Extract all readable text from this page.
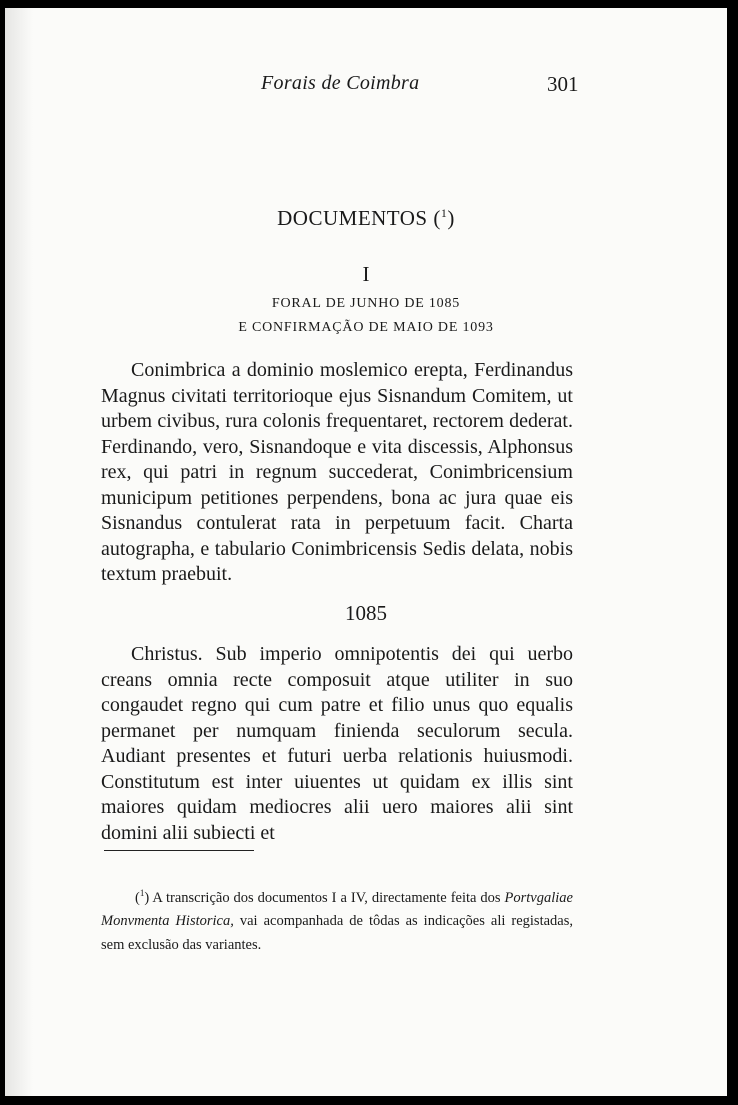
Forais de Coimbra	301
DOCUMENTOS ($^1$)
I
FORAL DE JUNHO DE 1085
E CONFIRMAÇÃO DE MAIO DE 1093

Conimbrica a dominio moslemico erepta, Ferdinandus Magnus civitati territorioque ejus Sisnandum Comitem, ut urbem civibus, rura colonis frequentaret, rectorem dederat. Ferdinando, vero, Sisnandoque e vita discessis, Alphonsus rex, qui patri in regnum succederat, Conimbricensium municipum petitiones perpendens, bona ac jura quae eis Sisnandus contulerat rata in perpetuum facit. Charta autographa, e tabulario Conimbricensis Sedis delata, nobis textum praebuit.

1085

Christus. Sub imperio omnipotentis dei qui uerbo creans omnia recte composuit atque utiliter in suo congaudet regno qui cum patre et filio unus quo equalis permanet per numquam finienda seculorum secula. Audiant presentes et futuri uerba relationis huiusmodi. Constitutum est inter uiuentes ut quidam ex illis sint maiores quidam mediocres alii uero maiores alii sint domini alii subiecti et

($^1$) A transcrição dos documentos I a IV, directamente feita dos Portvgaliae Monvmenta Historica, vai acompanhada de tôdas as indicações ali registadas, sem exclusão das variantes.
